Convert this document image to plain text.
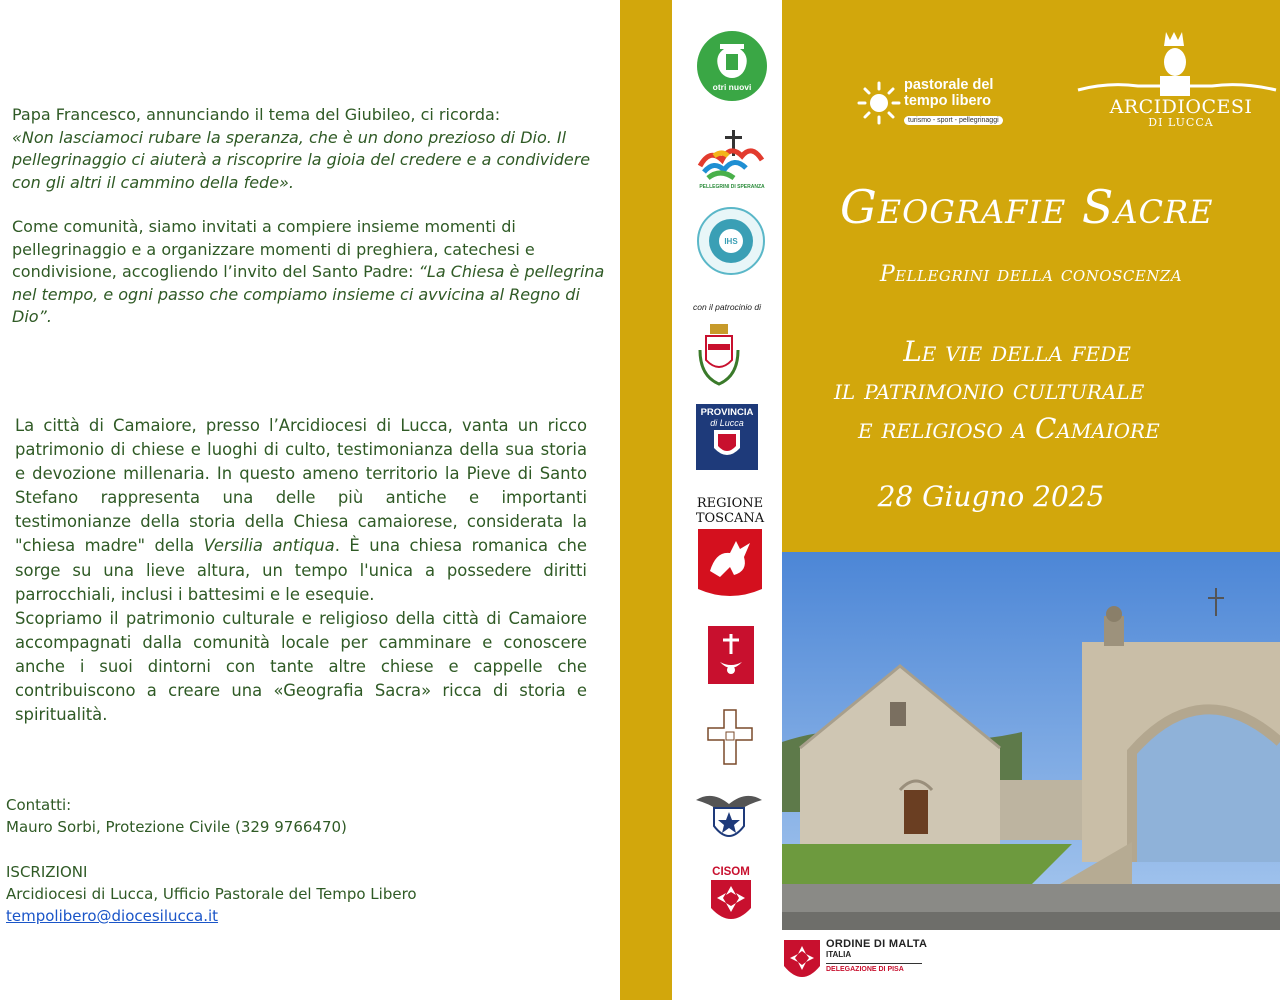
Papa Francesco, annunciando il tema del Giubileo, ci ricorda:
«Non lasciamoci rubare la speranza, che è un dono prezioso di Dio. Il pellegrinaggio ci aiuterà a riscoprire la gioia del credere e a condividere con gli altri il cammino della fede».

Come comunità, siamo invitati a compiere insieme momenti di pellegrinaggio e a organizzare momenti di preghiera, catechesi e condivisione, accogliendo l’invito del Santo Padre: “La Chiesa è pellegrina nel tempo, e ogni passo che compiamo insieme ci avvicina al Regno di Dio”.

La città di Camaiore, presso l’Arcidiocesi di Lucca, vanta un ricco patrimonio di chiese e luoghi di culto, testimonianza della sua storia e devozione millenaria. In questo ameno territorio la Pieve di Santo Stefano rappresenta una delle più antiche e importanti testimonianze della storia della Chiesa camaiorese, considerata la "chiesa madre" della Versilia antiqua. È una chiesa romanica che sorge su una lieve altura, un tempo l'unica a possedere diritti parrocchiali, inclusi i battesimi e le esequie.
Scopriamo il patrimonio culturale e religioso della città di Camaiore accompagnati dalla comunità locale per camminare e conoscere anche i suoi dintorni con tante altre chiese e cappelle che contribuiscono a creare una «Geografia Sacra» ricca di storia e spiritualità.
Contatti:
Mauro Sorbi, Protezione Civile (329 9766470)
ISCRIZIONI
Arcidiocesi di Lucca, Ufficio Pastorale del Tempo Libero
tempolibero@diocesilucca.it
otri nuovi
PELLEGRINI DI SPERANZA
IHS
con il patrocinio di
PROVINCIA
di Lucca
REGIONE
TOSCANA
CISOM
Geografie Sacre
Pellegrini della conoscenza
Le vie della fede
il patrimonio culturale
e religioso a Camaiore
28 Giugno 2025
pastorale del
tempo libero
turismo - sport - pellegrinaggi
ARCIDIOCESI
DI LUCCA
ORDINE DI MALTA
ITALIA
DELEGAZIONE DI PISA
